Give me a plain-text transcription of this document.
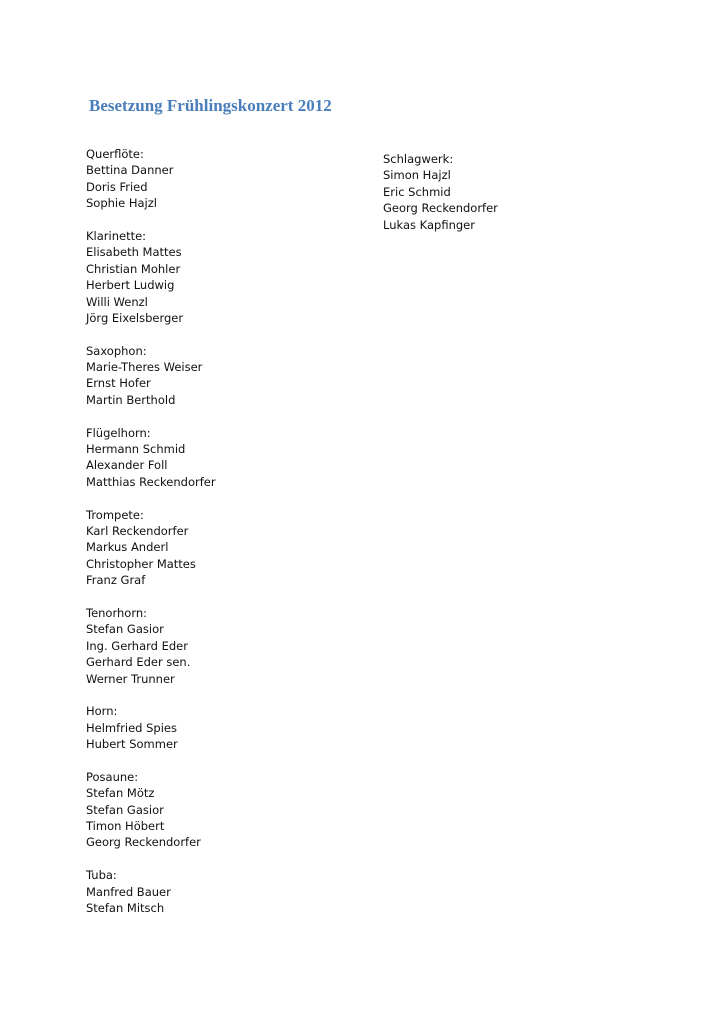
Besetzung Frühlingskonzert 2012
Querflöte:
Bettina Danner
Doris Fried
Sophie Hajzl
Klarinette:
Elisabeth Mattes
Christian Mohler
Herbert Ludwig
Willi Wenzl
Jörg Eixelsberger
Saxophon:
Marie-Theres Weiser
Ernst Hofer
Martin Berthold
Flügelhorn:
Hermann Schmid
Alexander Foll
Matthias Reckendorfer
Trompete:
Karl Reckendorfer
Markus Anderl
Christopher Mattes
Franz Graf
Tenorhorn:
Stefan Gasior
Ing. Gerhard Eder
Gerhard Eder sen.
Werner Trunner
Horn:
Helmfried Spies
Hubert Sommer
Posaune:
Stefan Mötz
Stefan Gasior
Timon Höbert
Georg Reckendorfer
Tuba:
Manfred Bauer
Stefan Mitsch
Schlagwerk:
Simon Hajzl
Eric Schmid
Georg Reckendorfer
Lukas Kapfinger
